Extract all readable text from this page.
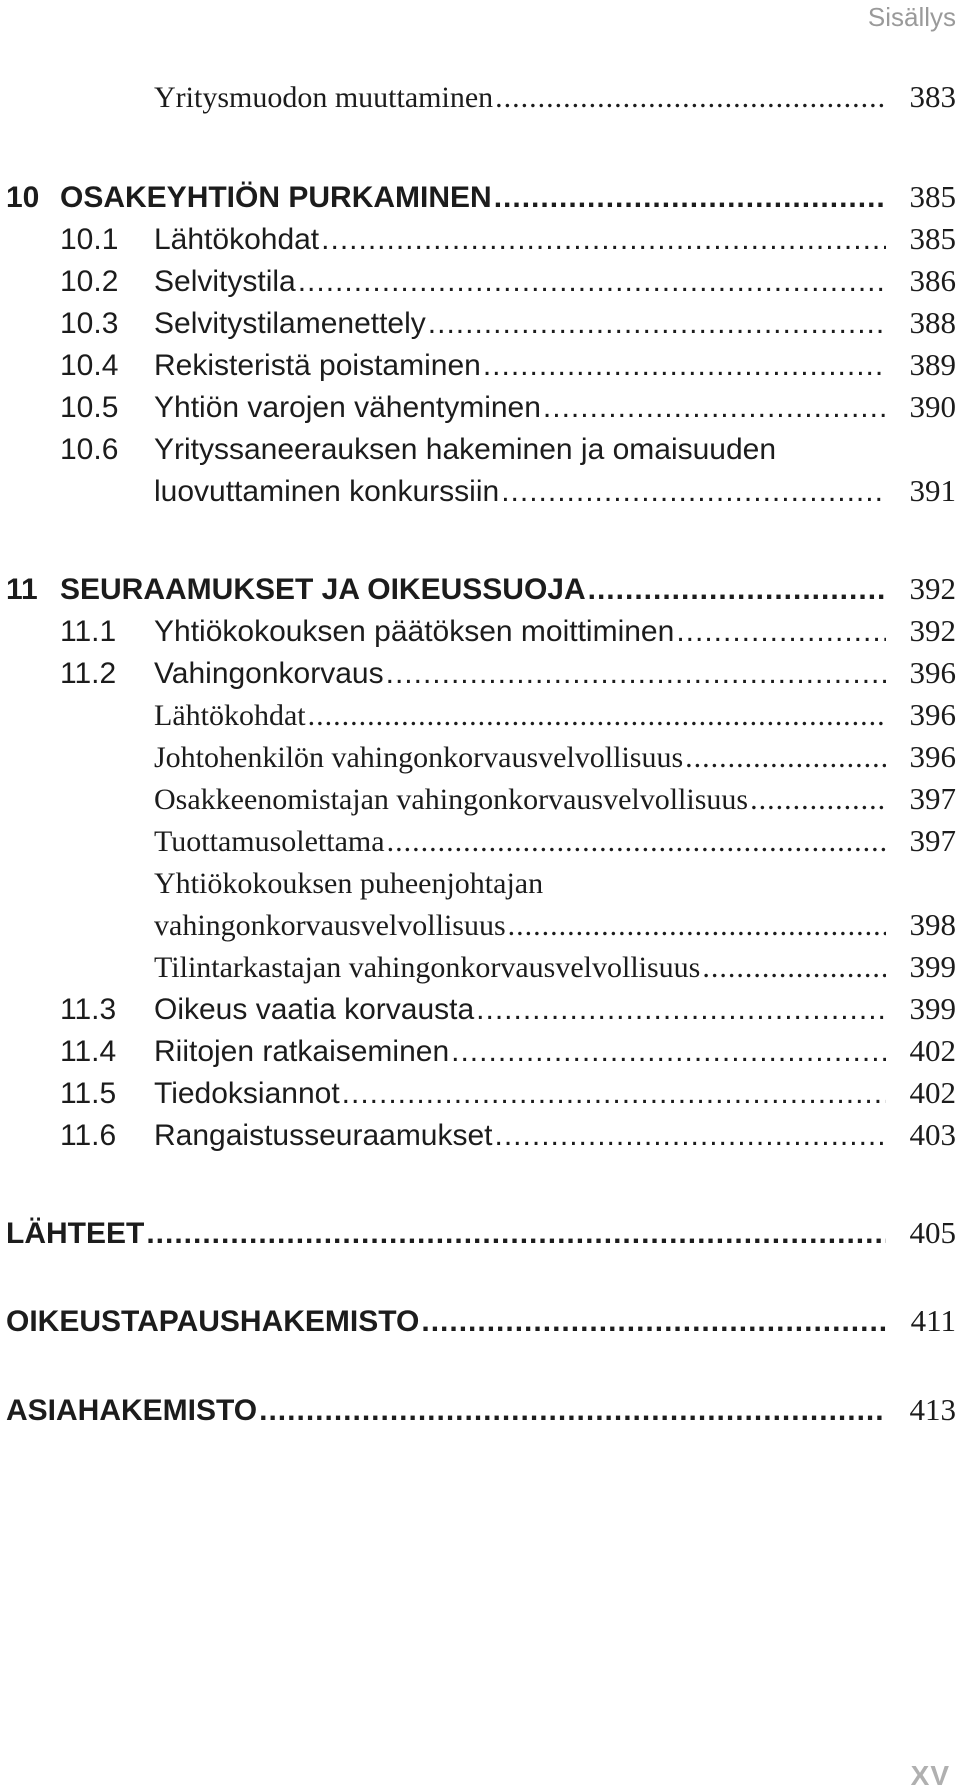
Sisällys
Yritysmuodon muuttaminen .....	383
10 OSAKEYHTIÖN PURKAMINEN .....	385
10.1 Lähtökohdat .....	385
10.2 Selvitystila .....	386
10.3 Selvitystilamenettely .....	388
10.4 Rekisteristä poistaminen .....	389
10.5 Yhtiön varojen vähentyminen .....	390
10.6 Yrityssaneerauksen hakeminen ja omaisuuden
luovuttaminen konkurssiin .....	391
11 SEURAAMUKSET JA OIKEUSSUOJA .....	392
11.1 Yhtiökokouksen päätöksen moittiminen .....	392
11.2 Vahingonkorvaus .....	396
Lähtökohdat .....	396
Johtohenkilön vahingonkorvausvelvollisuus .....	396
Osakkeenomistajan vahingonkorvausvelvollisuus .....	397
Tuottamusolettama .....	397
Yhtiökokouksen puheenjohtajan
vahingonkorvausvelvollisuus .....	398
Tilintarkastajan vahingonkorvausvelvollisuus .....	399
11.3 Oikeus vaatia korvausta .....	399
11.4 Riitojen ratkaiseminen .....	402
11.5 Tiedoksiannot .....	402
11.6 Rangaistusseuraamukset .....	403
LÄHTEET .....	405
OIKEUSTAPAUSHAKEMISTO .....	411
ASIAHAKEMISTO .....	413
XV
